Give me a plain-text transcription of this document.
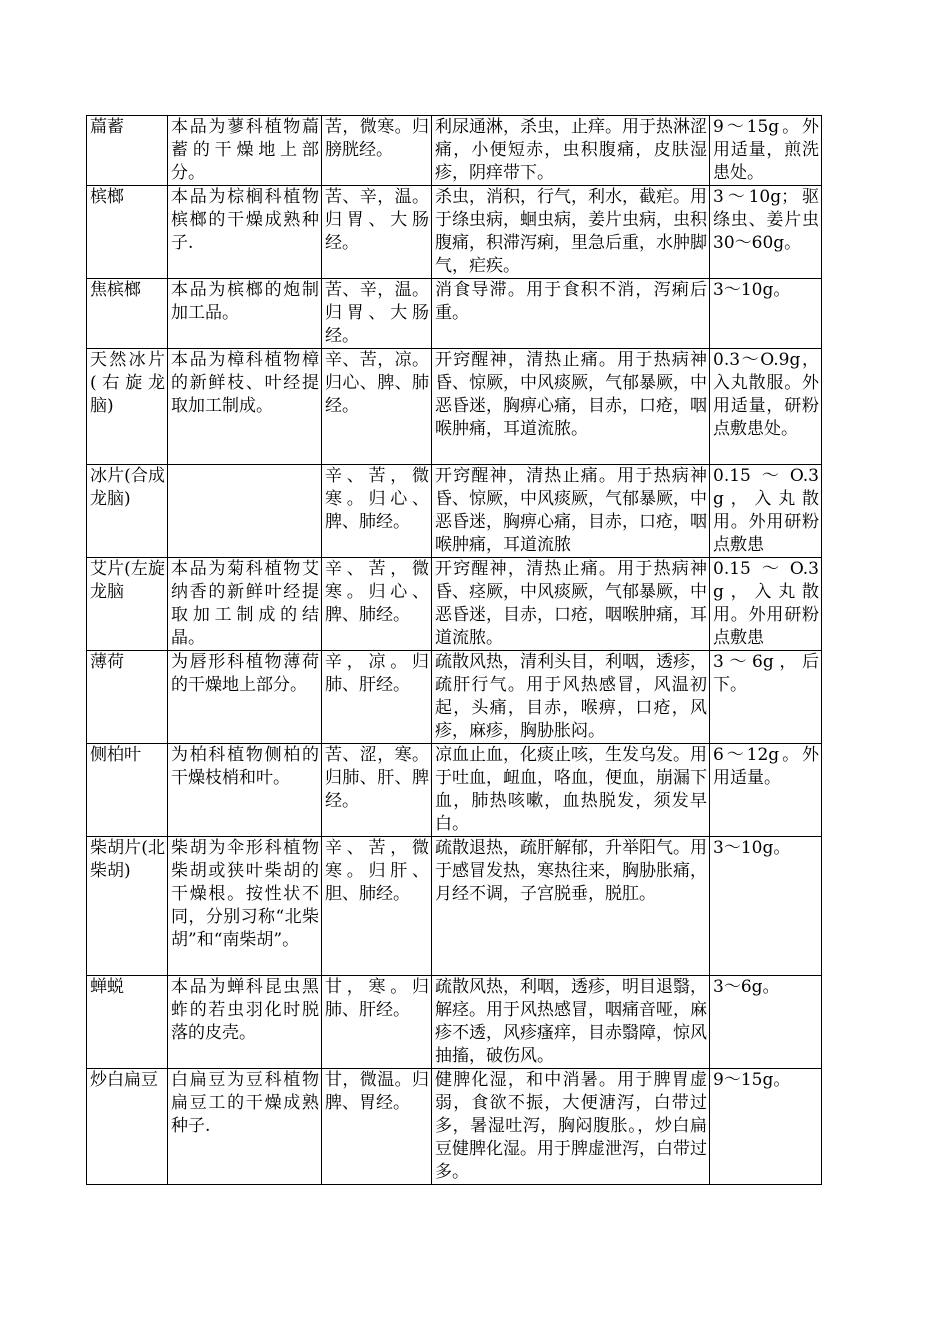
萹蓄	本品为蓼科植物萹蓄的干燥地上部分。	苦，微寒。归膀胱经。	利尿通淋，杀虫，止痒。用于热淋涩痛，小便短赤，虫积腹痛，皮肤湿疹，阴痒带下。	9～15g。外用适量，煎洗患处。

槟榔	本品为棕榈科植物槟榔的干燥成熟种子.	苦、辛，温。归胃、大肠经。	杀虫，消积，行气，利水，截疟。用于绦虫病，蛔虫病，姜片虫病，虫积腹痛，积滞泻痢，里急后重，水肿脚气，疟疾。	3～10g；驱绦虫、姜片虫 30～60g。

焦槟榔	本品为槟榔的炮制加工品。	苦、辛，温。归胃、大肠经。	消食导滞。用于食积不消，泻痢后重。	3～10g。

天然冰片(右旋龙脑)	本品为樟科植物樟的新鲜枝、叶经提取加工制成。	辛、苦，凉。归心、脾、肺经。	开窍醒神，清热止痛。用于热病神昏、惊厥，中风痰厥，气郁暴厥，中恶昏迷，胸痹心痛，目赤，口疮，咽喉肿痛，耳道流脓。	0.3～O.9g，入丸散服。外用适量，研粉点敷患处。

冰片(合成龙脑)		辛、苦，微寒。归心、脾、肺经。	开窍醒神，清热止痛。用于热病神昏、惊厥，中风痰厥，气郁暴厥，中恶昏迷，胸痹心痛，目赤，口疮，咽喉肿痛，耳道流脓	0.15～O.3g，入丸散用。外用研粉点敷患

艾片(左旋龙脑	本品为菊科植物艾纳香的新鲜叶经提取加工制成的结晶。	辛、苦，微寒。归心、脾、肺经。	开窍醒神，清热止痛。用于热病神昏、痉厥，中风痰厥，气郁暴厥，中恶昏迷，目赤，口疮，咽喉肿痛，耳道流脓。	0.15～O.3g，入丸散用。外用研粉点敷患

薄荷	为唇形科植物薄荷的干燥地上部分。	辛，凉。归肺、肝经。	疏散风热，清利头目，利咽，透疹，疏肝行气。用于风热感冒，风温初起，头痛，目赤，喉痹，口疮，风疹，麻疹，胸胁胀闷。	3～6g，后下。

侧柏叶	为柏科植物侧柏的干燥枝梢和叶。	苦、涩，寒。归肺、肝、脾经。	凉血止血，化痰止咳，生发乌发。用于吐血，衄血，咯血，便血，崩漏下血，肺热咳嗽，血热脱发，须发早白。	6～12g。外用适量。

柴胡片(北柴胡)	柴胡为伞形科植物柴胡或狭叶柴胡的干燥根。按性状不同，分别习称“北柴胡”和“南柴胡”。	辛、苦，微寒。归肝、胆、肺经。	疏散退热，疏肝解郁，升举阳气。用于感冒发热，寒热往来，胸胁胀痛，月经不调，子宫脱垂，脱肛。	3～10g。

蝉蜕	本品为蝉科昆虫黑蚱的若虫羽化时脱落的皮壳。	甘，寒。归肺、肝经。	疏散风热，利咽，透疹，明目退翳，解痉。用于风热感冒，咽痛音哑，麻疹不透，风疹瘙痒，目赤翳障，惊风抽搐，破伤风。	3～6g。

炒白扁豆	白扁豆为豆科植物扁豆工的干燥成熟种子.	甘，微温。归脾、胃经。	健脾化湿，和中消暑。用于脾胃虚弱，食欲不振，大便溏泻，白带过多，暑湿吐泻，胸闷腹胀。，炒白扁豆健脾化湿。用于脾虚泄泻，白带过多。	9～15g。
